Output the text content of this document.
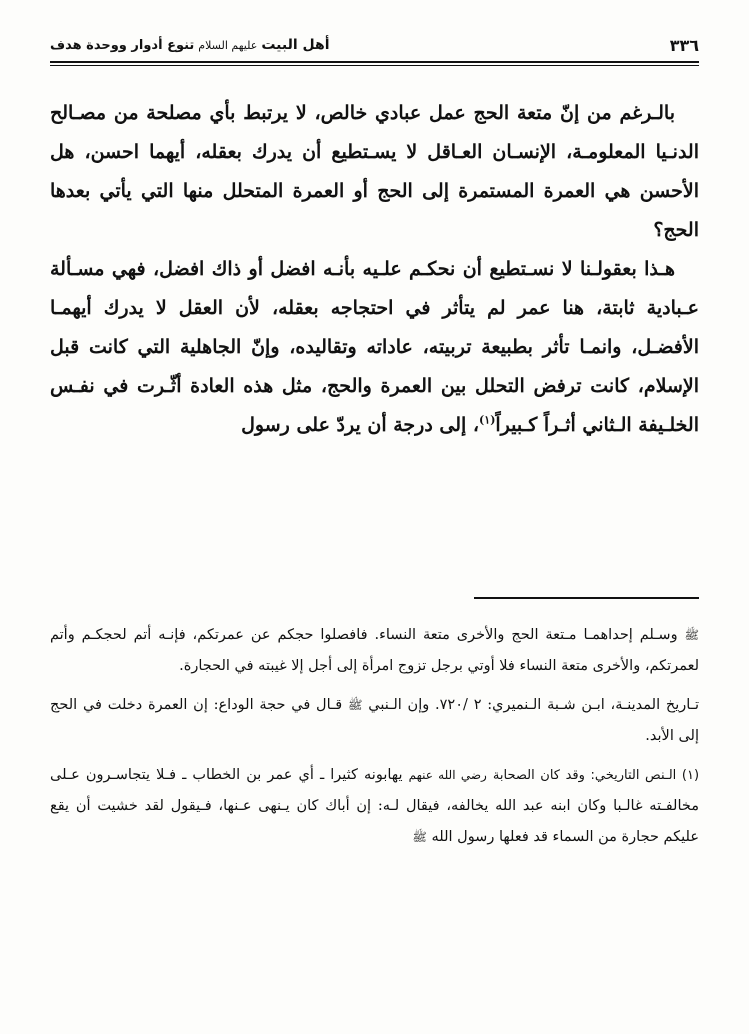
٣٣٦
أهل البيت
عليهم السلام
تنوع أدوار ووحدة هدف

بالـرغم من إنّ متعة الحج عمل عبادي خالص، لا يرتبط بأي مصلحة من مصـالح الدنـيا المعلومـة، الإنسـان العـاقل لا يسـتطيع أن يدرك بعقله، أيهما احسن، هل الأحسن هي العمرة المستمرة إلى الحج أو العمرة المتحلل منها التي يأتي بعدها الحج؟

هـذا بعقولـنا لا نسـتطيع أن نحكـم علـيه بأنـه افضل أو ذاك افضل، فهي مسـألة عـبادية ثابتة، هنا عمر لم يتأثر في احتجاجه بعقله، لأن العقل لا يدرك أيهمـا الأفضـل، وانمـا تأثر بطبيعة تربيته، عاداته وتقاليده، وإنّ الجاهلية التي كانت قبل الإسلام، كانت ترفض التحلل بين العمرة والحج، مثل هذه العادة أثّـرت في نفـس الخلـيفة الـثاني أثـراً كـبيراً$^{(١)}$، إلى درجة أن يردّ على رسول

ﷺ وسـلم إحداهمـا مـتعة الحج والأخرى متعة النساء. فافصلوا حجكم عن عمرتكم، فإنـه أتم لحجكـم وأتم لعمرتكم، والأخرى متعة النساء فلا أوتي برجل تزوج امرأة إلى أجل إلا غيبته في الحجارة.

تـاريخ المدينـة، ابـن شـبة الـنميري: ٢ /٧٢٠. وإن الـنبي ﷺ قـال في حجة الوداع: إن العمرة دخلت في الحج إلى الأبد.

(١) الـنص التاريخي: وقد كان الصحابة رضي الله عنهم يهابونه كثيرا ـ أي عمر بن الخطاب ـ فـلا يتجاسـرون عـلى مخالفـته غالـبا وكان ابنه عبد الله يخالفه، فيقال لـه: إن أباك كان يـنهى عـنها، فـيقول لقد خشيت أن يقع عليكم حجارة من السماء قد فعلها رسول الله ﷺ
